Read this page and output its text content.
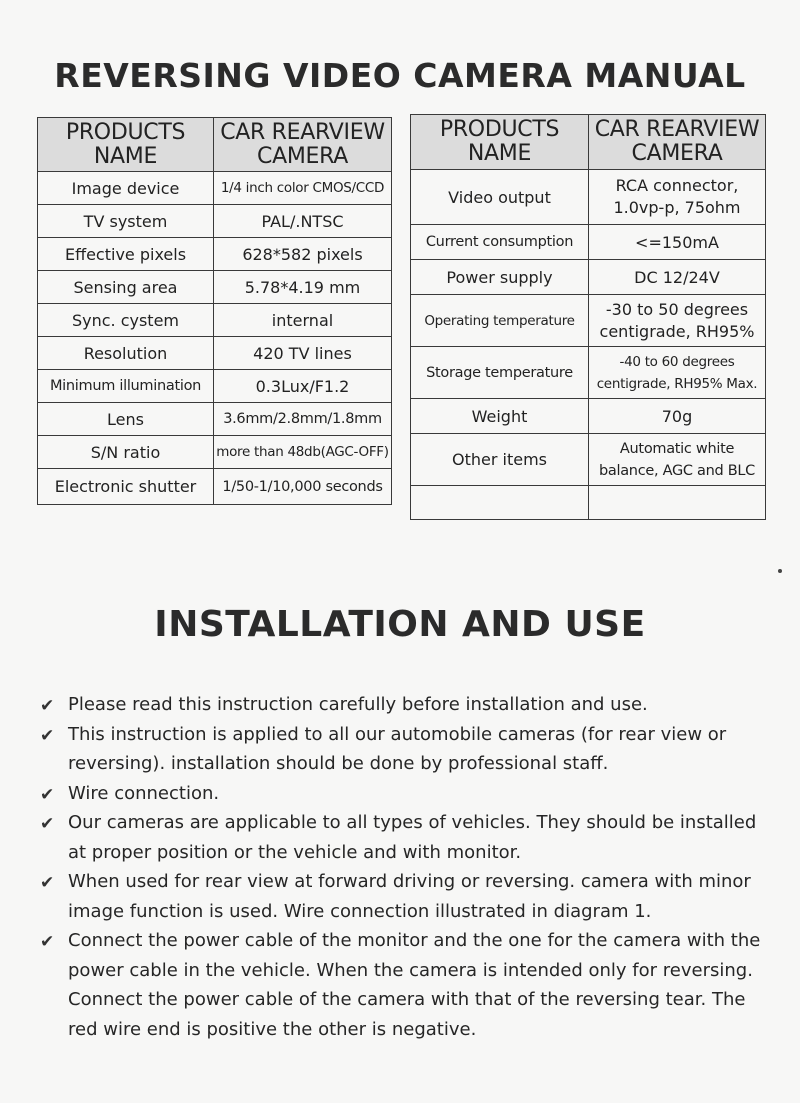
REVERSING VIDEO CAMERA MANUAL
PRODUCTS NAME	CAR REARVIEW CAMERA
Image device	1/4 inch color CMOS/CCD
TV system	PAL/.NTSC
Effective pixels	628*582 pixels
Sensing area	5.78*4.19 mm
Sync. cystem	internal
Resolution	420 TV lines
Minimum illumination	0.3Lux/F1.2
Lens	3.6mm/2.8mm/1.8mm
S/N ratio	more than 48db(AGC-OFF)
Electronic shutter	1/50-1/10,000 seconds
PRODUCTS NAME	CAR REARVIEW CAMERA
Video output	RCA connector, 1.0vp-p, 75ohm
Current consumption	<=150mA
Power supply	DC 12/24V
Operating temperature	-30 to 50 degrees centigrade, RH95%
Storage temperature	-40 to 60 degrees centigrade, RH95% Max.
Weight	70g
Other items	Automatic white balance, AGC and BLC

INSTALLATION AND USE
✔ Please read this instruction carefully before installation and use.
✔ This instruction is applied to all our automobile cameras (for rear view or reversing). installation should be done by professional staff.
✔ Wire connection.
✔ Our cameras are applicable to all types of vehicles. They should be installed at proper position or the vehicle and with monitor.
✔ When used for rear view at forward driving or reversing. camera with minor image function is used. Wire connection illustrated in diagram 1.
✔ Connect the power cable of the monitor and the one for the camera with the power cable in the vehicle. When the camera is intended only for reversing. Connect the power cable of the camera with that of the reversing tear. The red wire end is positive the other is negative.
